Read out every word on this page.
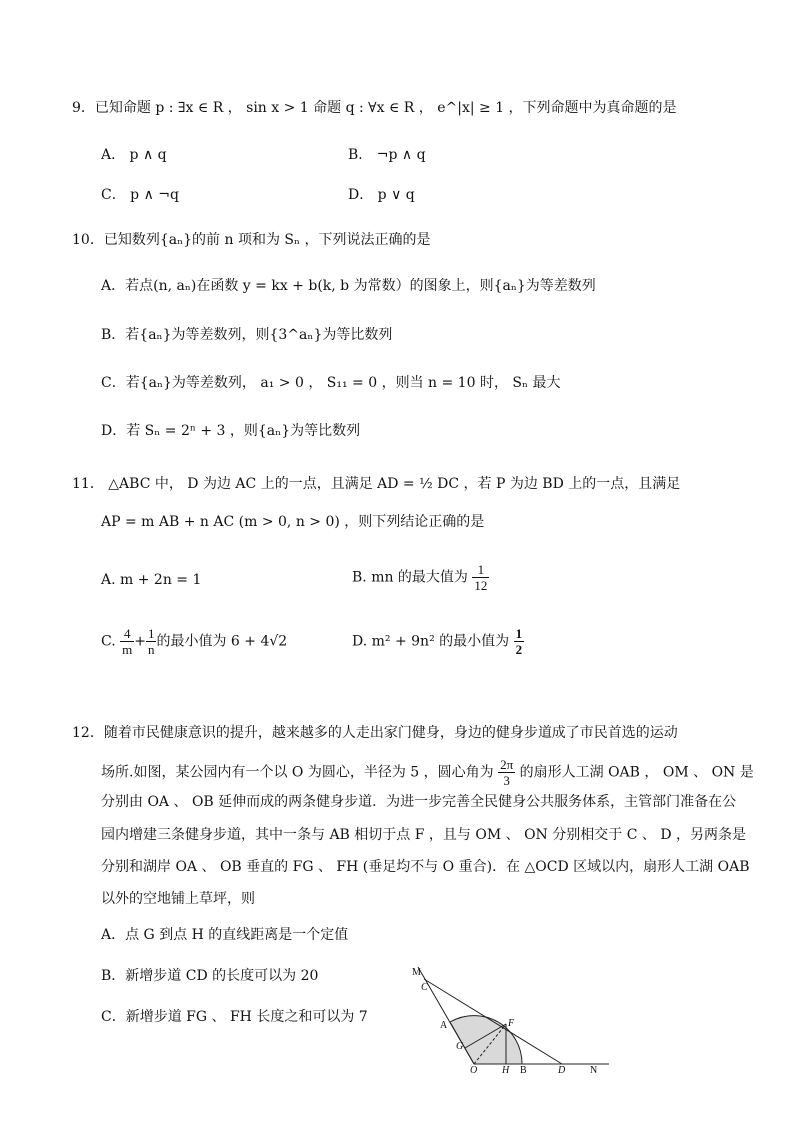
9．已知命题 p : ∃x ∈ R ， sin x > 1 命题 q : ∀x ∈ R ， e^|x| ≥ 1 ，下列命题中为真命题的是
A． p ∧ q	B． ¬p ∧ q
C． p ∧ ¬q	D． p ∨ q
10．已知数列{aₙ}的前 n 项和为 Sₙ ，下列说法正确的是
A．若点(n, aₙ)在函数 y = kx + b(k, b 为常数）的图象上，则{aₙ}为等差数列
B．若{aₙ}为等差数列，则{3^aₙ}为等比数列
C．若{aₙ}为等差数列， a₁ > 0 ， S₁₁ = 0 ，则当 n = 10 时， Sₙ 最大
D．若 Sₙ = 2ⁿ + 3 ，则{aₙ}为等比数列
11． △ABC 中， D 为边 AC 上的一点，且满足 AD = ½ DC ，若 P 为边 BD 上的一点，且满足
AP = m AB + n AC (m > 0, n > 0) ，则下列结论正确的是
A. m + 2n = 1	B. mn 的最大值为 $\frac{1}{12}$
C. $\frac{4}{m} + \frac{1}{n}$ 的最小值为 6 + 4√2	D. m² + 9n² 的最小值为 $\frac{1}{2}$
12．随着市民健康意识的提升，越来越多的人走出家门健身，身边的健身步道成了市民首选的运动
场所.如图，某公园内有一个以 O 为圆心，半径为 5 ，圆心角为 $\frac{2\pi}{3}$ 的扇形人工湖 OAB ， OM 、 ON 是
分别由 OA 、 OB 延伸而成的两条健身步道．为进一步完善全民健身公共服务体系，主管部门准备在公
园内增建三条健身步道，其中一条与 AB 相切于点 F ，且与 OM 、 ON 分别相交于 C 、 D ，另两条是
分别和湖岸 OA 、 OB 垂直的 FG 、 FH (垂足均不与 O 重合)．在 △OCD 区域以内，扇形人工湖 OAB
以外的空地铺上草坪，则
A．点 G 到点 H 的直线距离是一个定值
B．新增步道 CD 的长度可以为 20
C．新增步道 FG 、 FH 长度之和可以为 7
M
C
A	F
G
O H B	D N
